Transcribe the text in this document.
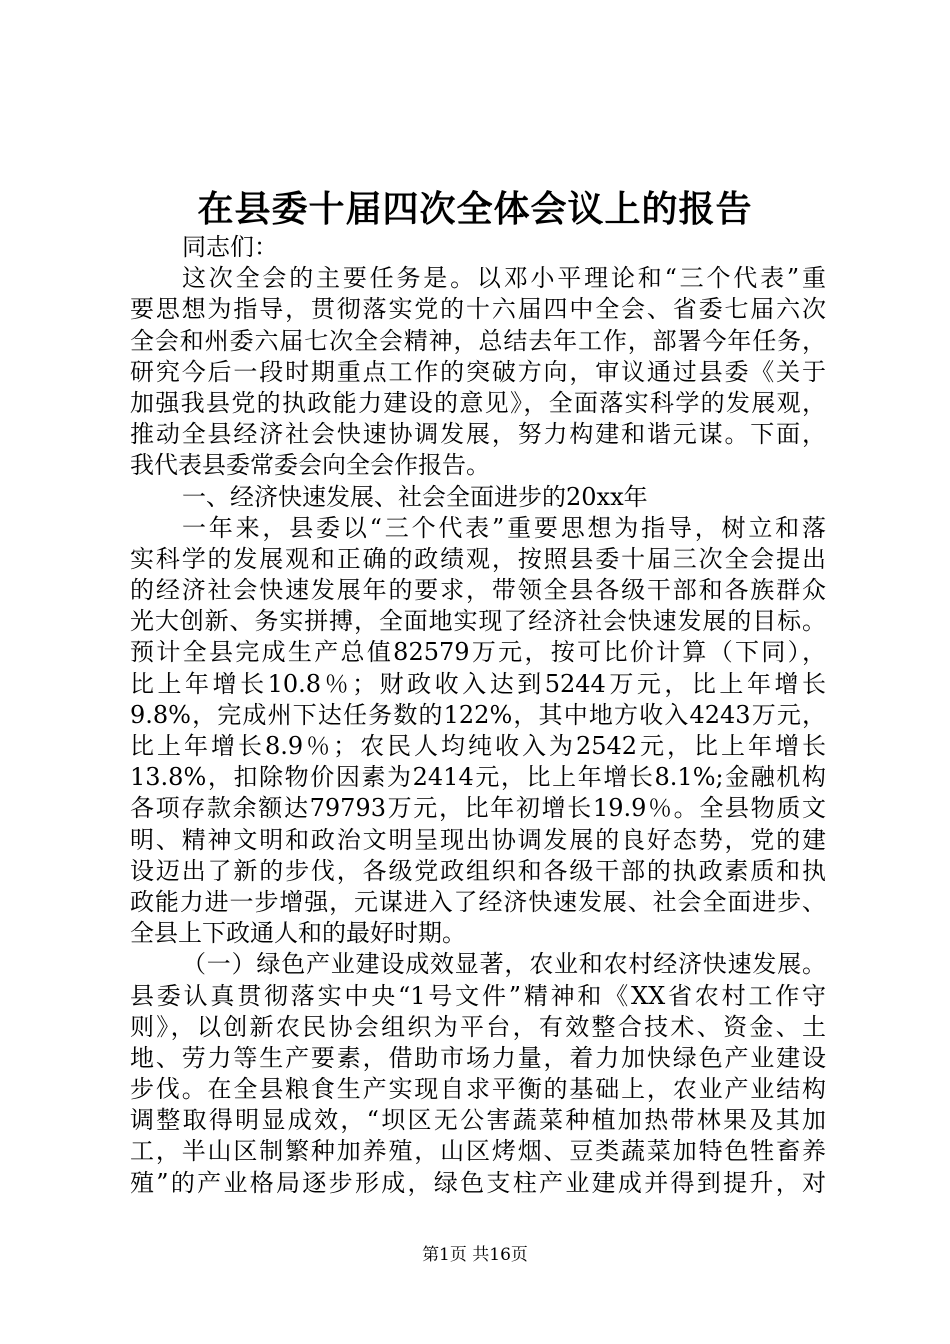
在县委十届四次全体会议上的报告
同志们：
这次全会的主要任务是。以邓小平理论和“三个代表”重
要思想为指导，贯彻落实党的十六届四中全会、省委七届六次
全会和州委六届七次全会精神，总结去年工作，部署今年任务，
研究今后一段时期重点工作的突破方向，审议通过县委《关于
加强我县党的执政能力建设的意见》，全面落实科学的发展观，
推动全县经济社会快速协调发展，努力构建和谐元谋。下面，
我代表县委常委会向全会作报告。
一、经济快速发展、社会全面进步的20xx年
一年来，县委以“三个代表”重要思想为指导，树立和落
实科学的发展观和正确的政绩观，按照县委十届三次全会提出
的经济社会快速发展年的要求，带领全县各级干部和各族群众
光大创新、务实拼搏，全面地实现了经济社会快速发展的目标。
预计全县完成生产总值82579万元，按可比价计算（下同），
比上年增长10.8％；财政收入达到5244万元，比上年增长
9.8%，完成州下达任务数的122%，其中地方收入4243万元，
比上年增长8.9％；农民人均纯收入为2542元，比上年增长
13.8%，扣除物价因素为2414元，比上年增长8.1%;金融机构
各项存款余额达79793万元，比年初增长19.9％。全县物质文
明、精神文明和政治文明呈现出协调发展的良好态势，党的建
设迈出了新的步伐，各级党政组织和各级干部的执政素质和执
政能力进一步增强，元谋进入了经济快速发展、社会全面进步、
全县上下政通人和的最好时期。
（一）绿色产业建设成效显著，农业和农村经济快速发展。
县委认真贯彻落实中央“1号文件”精神和《XX省农村工作守
则》，以创新农民协会组织为平台，有效整合技术、资金、土
地、劳力等生产要素，借助市场力量，着力加快绿色产业建设
步伐。在全县粮食生产实现自求平衡的基础上，农业产业结构
调整取得明显成效，“坝区无公害蔬菜种植加热带林果及其加
工，半山区制繁种加养殖，山区烤烟、豆类蔬菜加特色牲畜养
殖”的产业格局逐步形成，绿色支柱产业建成并得到提升，对
第1页 共16页
